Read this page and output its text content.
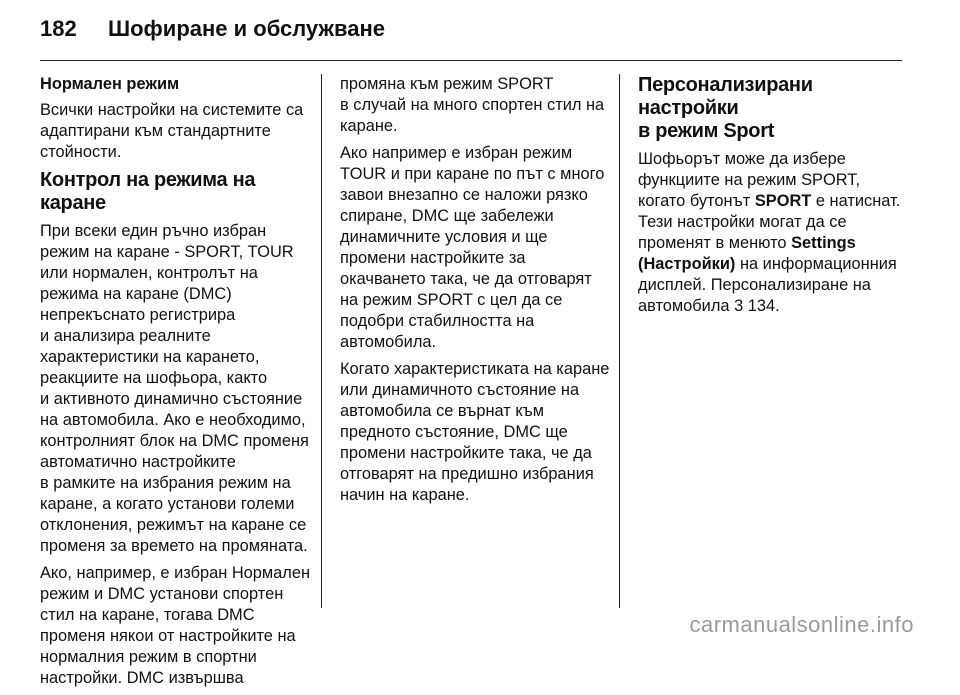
182	Шофиране и обслужване

Нормален режим

Всички настройки на системите са
адаптирани към стандартните
стойности.

Контрол на режима на каране

При всеки един ръчно избран
режим на каране - SPORT, TOUR
или нормален, контролът на
режима на каране (DMC)
непрекъснато регистрира
и анализира реалните
характеристики на карането,
реакциите на шофьора, както
и активното динамично състояние
на автомобила. Ако е необходимо,
контролният блок на DMC променя
автоматично настройките
в рамките на избрания режим на
каране, а когато установи големи
отклонения, режимът на каране се
променя за времето на промяната.

Ако, например, е избран Нормален
режим и DMC установи спортен
стил на каране, тогава DMC
променя някои от настройките на
нормалния режим в спортни
настройки. DMC извършва

промяна към режим SPORT
в случай на много спортен стил на
каране.

Ако например е избран режим
TOUR и при каране по път с много
завои внезапно се наложи рязко
спиране, DMC ще забележи
динамичните условия и ще
промени настройките за
окачването така, че да отговарят
на режим SPORT с цел да се
подобри стабилността на
автомобила.

Когато характеристиката на каране
или динамичното състояние на
автомобила се върнат към
предното състояние, DMC ще
промени настройките така, че да
отговарят на предишно избрания
начин на каране.

Персонализирани настройки
в режим Sport

Шофьорът може да избере
функциите на режим SPORT,
когато бутонът SPORT е натиснат.
Тези настройки могат да се
променят в менюто Settings
(Настройки) на информационния
дисплей. Персонализиране на
автомобила 3 134.

carmanualsonline.info
